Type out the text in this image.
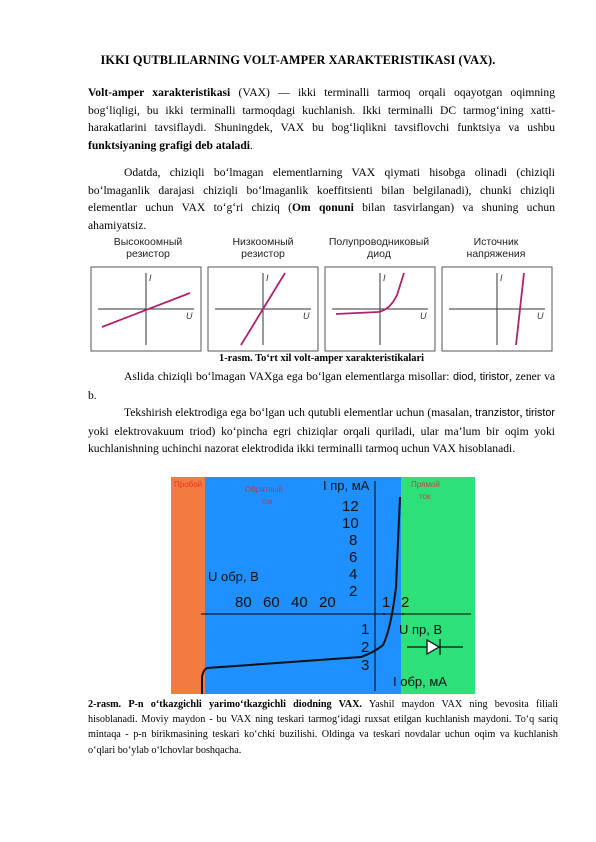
IKKI QUTBLILARNING VOLT-AMPER XARAKTERISTIKASI (VAX).

Volt-amper xarakteristikasi (VAX) — ikki terminalli tarmoq orqali oqayotgan oqimning bog‘liqligi, bu ikki terminalli tarmoqdagi kuchlanish. Ikki terminalli DC tarmog‘ining xatti-harakatlarini tavsiflaydi. Shuningdek, VAX bu bog‘liqlikni tavsiflovchi funktsiya va ushbu funktsiyaning grafigi deb ataladi.

Odatda, chiziqli bo‘lmagan elementlarning VAX qiymati hisobga olinadi (chiziqli bo‘lmaganlik darajasi chiziqli bo‘lmaganlik koeffitsienti bilan belgilanadi), chunki chiziqli elementlar uchun VAX to‘g‘ri chiziq (Om qonuni bilan tasvirlangan) va shuning uchun ahamiyatsiz.

Высокоомный
резистор
Низкоомный
резистор
Полупроводниковый
диод
Источник
напряжения
I
U
I
U
I
U
I
U
1-rasm. To‘rt xil volt-amper xarakteristikalari

Aslida chiziqli bo‘lmagan VAXga ega bo‘lgan elementlarga misollar: diod, tiristor, zener va b.

Tekshirish elektrodiga ega bo‘lgan uch qutubli elementlar uchun (masalan, tranzistor, tiristor yoki elektrovakuum triod) ko‘pincha egri chiziqlar orqali quriladi, ular ma’lum bir oqim yoki kuchlanishning uchinchi nazorat elektrodida ikki terminalli tarmoq uchun VAX hisoblanadi.

Пробой
Обратный
ток
Прямой
ток
I пр, мА
U обр, В
U пр, В
I обр, мА
12
10
8
6
4
2
80 60 40 20	1 2
1
2
3
2-rasm. P-n o‘tkazgichli yarimo‘tkazgichli diodning VAX. Yashil maydon VAX ning bevosita filiali hisoblanadi. Moviy maydon - bu VAX ning teskari tarmog‘idagi ruxsat etilgan kuchlanish maydoni. To‘q sariq mintaqa - p-n birikmasining teskari ko‘chki buzilishi. Oldinga va teskari novdalar uchun oqim va kuchlanish o‘qlari bo‘ylab o‘lchovlar boshqacha.
